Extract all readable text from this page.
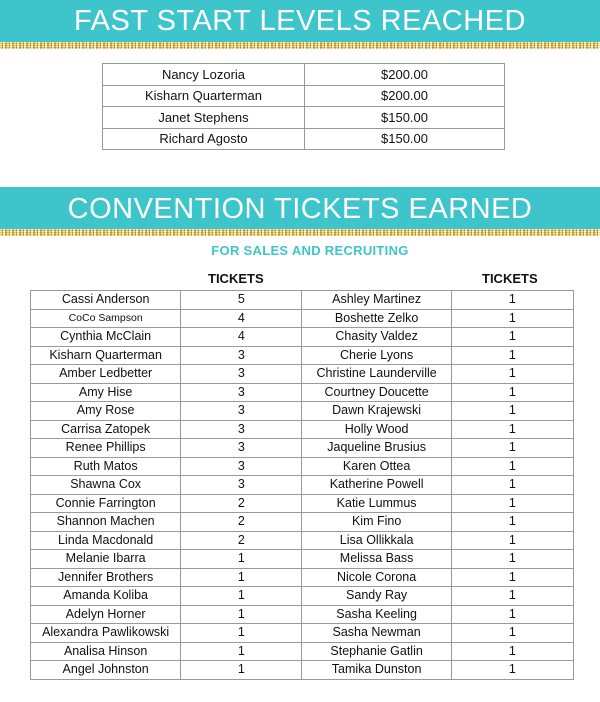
FAST START LEVELS REACHED
Nancy Lozoria	$200.00
Kisharn Quarterman	$200.00
Janet Stephens	$150.00
Richard Agosto	$150.00
CONVENTION TICKETS EARNED
FOR SALES AND RECRUITING
TICKETS	TICKETS
Cassi Anderson	5	Ashley Martinez	1
CoCo Sampson	4	Boshette Zelko	1
Cynthia McClain	4	Chasity Valdez	1
Kisharn Quarterman	3	Cherie Lyons	1
Amber Ledbetter	3	Christine Launderville	1
Amy Hise	3	Courtney Doucette	1
Amy Rose	3	Dawn Krajewski	1
Carrisa Zatopek	3	Holly Wood	1
Renee Phillips	3	Jaqueline Brusius	1
Ruth Matos	3	Karen Ottea	1
Shawna Cox	3	Katherine Powell	1
Connie Farrington	2	Katie Lummus	1
Shannon Machen	2	Kim Fino	1
Linda Macdonald	2	Lisa Ollikkala	1
Melanie Ibarra	1	Melissa Bass	1
Jennifer Brothers	1	Nicole Corona	1
Amanda Koliba	1	Sandy Ray	1
Adelyn Horner	1	Sasha Keeling	1
Alexandra Pawlikowski	1	Sasha Newman	1
Analisa Hinson	1	Stephanie Gatlin	1
Angel Johnston	1	Tamika Dunston	1
